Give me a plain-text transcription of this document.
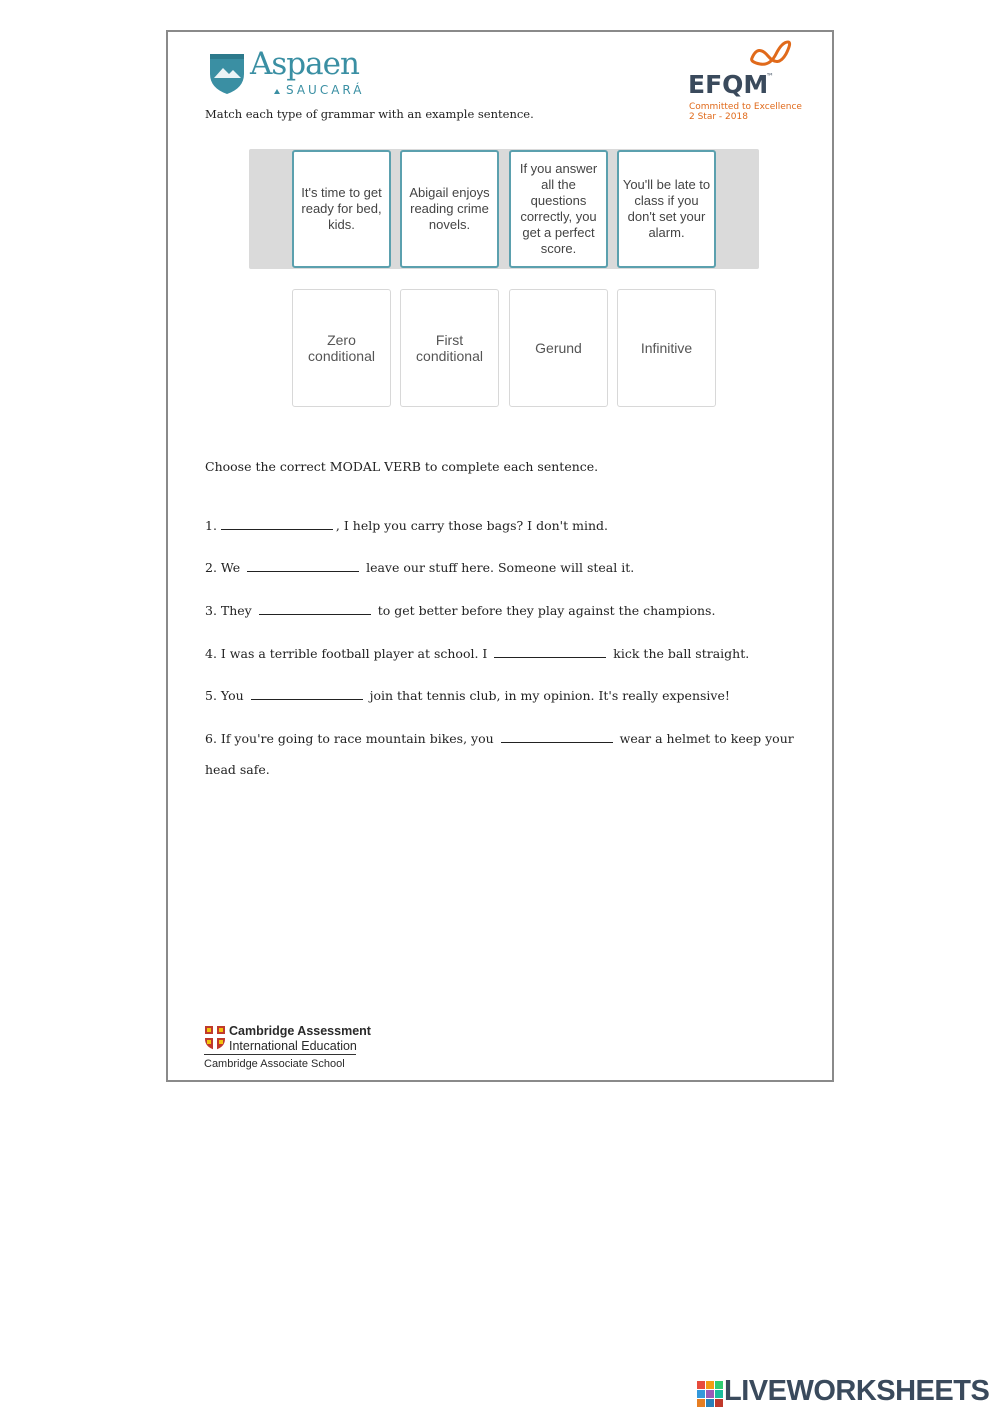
Aspaen
SAUCARÁ	EFQM
™
Committed to Excellence
2 Star - 2018
Match each type of grammar with an example sentence.
It's time to get ready for bed, kids.
Abigail enjoys reading crime novels.
If you answer all the questions correctly, you get a perfect score.
You'll be late to class if you don't set your alarm.
Zero conditional
First conditional	Gerund	Infinitive
Choose the correct MODAL VERB to complete each sentence.
1.	, I help you carry those bags? I don't mind.
2. We	leave our stuff here. Someone will steal it.
3. They	to get better before they play against the champions.
4. I was a terrible football player at school. I	kick the ball straight.
5. You	join that tennis club, in my opinion. It's really expensive!
6. If you're going to race mountain bikes, you	wear a helmet to keep your
head safe.
Cambridge Assessment
International Education
Cambridge Associate School
LIVEWORKSHEETS
